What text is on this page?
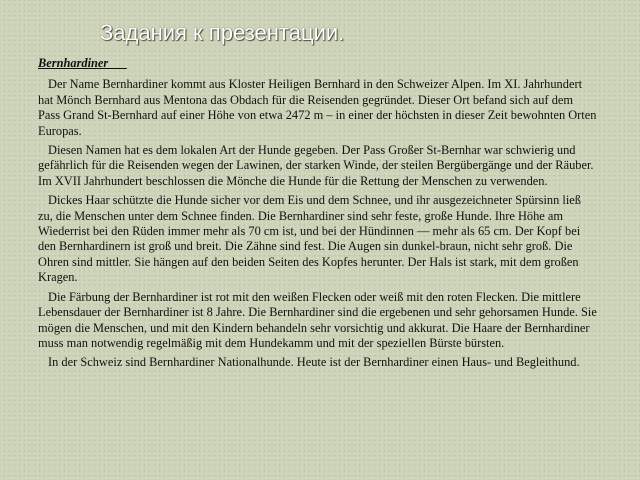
Задания к презентации.
Bernhardiner

Der Name Bernhardiner kommt aus Kloster Heiligen Bernhard in den Schweizer Alpen. Im XI. Jahrhundert hat Mönch Bernhard aus Mentona das Obdach für die Reisenden gegründet. Dieser Ort befand sich auf dem Pass Grand St-Bernhard auf einer Höhe von etwa 2472 m – in einer der höchsten in dieser Zeit bewohnten Orten Europas.

Diesen Namen hat es dem lokalen Art der Hunde gegeben. Der Pass Großer St-Bernhar war schwierig und gefährlich für die Reisenden wegen der Lawinen, der starken Winde, der steilen Bergübergänge und der Räuber. Im XVII Jahrhundert beschlossen die Mönche die Hunde für die Rettung der Menschen zu verwenden.

Dickes Haar schützte die Hunde sicher vor dem Eis und dem Schnee, und ihr ausgezeichneter Spürsinn ließ zu, die Menschen unter dem Schnee finden. Die Bernhardiner sind sehr feste, große Hunde. Ihre Höhe am Wiederrist bei den Rüden immer mehr als 70 cm ist, und bei der Hündinnen — mehr als 65 cm. Der Kopf bei den Bernhardinern ist groß und breit. Die Zähne sind fest. Die Augen sin dunkel-braun, nicht sehr groß. Die Ohren sind mittler. Sie hängen auf den beiden Seiten des Kopfes herunter. Der Hals ist stark, mit dem großen Kragen.

Die Färbung der Bernhardiner ist rot mit den weißen Flecken oder weiß mit den roten Flecken. Die mittlere Lebensdauer der Bernhardiner ist 8 Jahre. Die Bernhardiner sind die ergebenen und sehr gehorsamen Hunde. Sie mögen die Menschen, und mit den Kindern behandeln sehr vorsichtig und akkurat. Die Haare der Bernhardiner muss man notwendig regelmäßig mit dem Hundekamm und mit der speziellen Bürste bürsten.

In der Schweiz sind Bernhardiner Nationalhunde. Heute ist der Bernhardiner einen Haus- und Begleithund.
